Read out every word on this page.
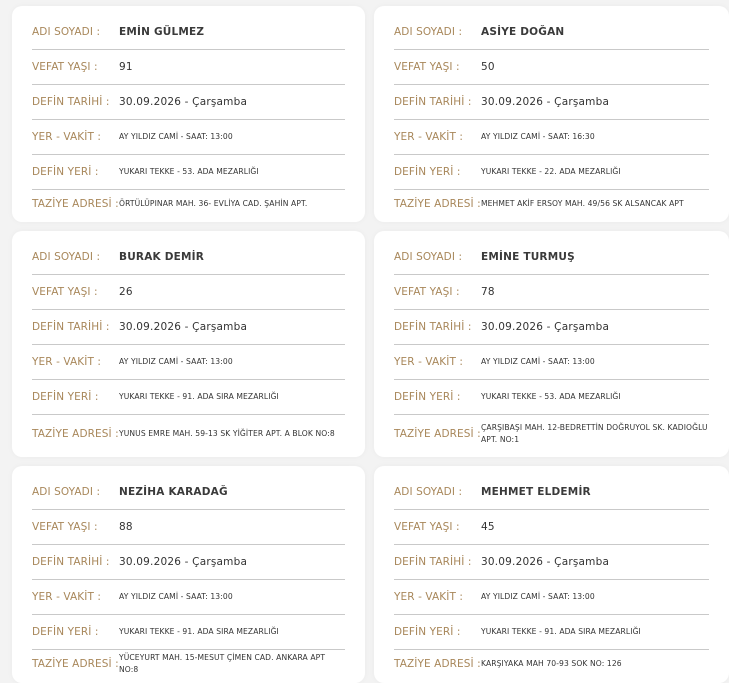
ADI SOYADI :	EMİN GÜLMEZ
VEFAT YAŞI :	91
DEFİN TARİHİ : 30.09.2026 - Çarşamba
YER - VAKİT :	AY YILDIZ CAMİ - SAAT: 13:00
DEFİN YERİ :	YUKARI TEKKE - 53. ADA MEZARLIĞI
TAZİYE ADRESİ : ÖRTÜLÜPINAR MAH. 36- EVLİYA CAD. ŞAHİN APT.
ADI SOYADI :	ASİYE DOĞAN
VEFAT YAŞI :	50
DEFİN TARİHİ : 30.09.2026 - Çarşamba
YER - VAKİT :	AY YILDIZ CAMİ - SAAT: 16:30
DEFİN YERİ :	YUKARI TEKKE - 22. ADA MEZARLIĞI
TAZİYE ADRESİ : MEHMET AKİF ERSOY MAH. 49/56 SK ALSANCAK APT
ADI SOYADI :	BURAK DEMİR
VEFAT YAŞI :	26
DEFİN TARİHİ : 30.09.2026 - Çarşamba
YER - VAKİT :	AY YILDIZ CAMİ - SAAT: 13:00
DEFİN YERİ :	YUKARI TEKKE - 91. ADA SIRA MEZARLIĞI
TAZİYE ADRESİ : YUNUS EMRE MAH. 59-13 SK YİĞİTER APT. A BLOK NO:8
ADI SOYADI :	EMİNE TURMUŞ
VEFAT YAŞI :	78
DEFİN TARİHİ : 30.09.2026 - Çarşamba
YER - VAKİT :	AY YILDIZ CAMİ - SAAT: 13:00
DEFİN YERİ :	YUKARI TEKKE - 53. ADA MEZARLIĞI
TAZİYE ADRESİ :
ÇARŞIBAŞI MAH. 12-BEDRETTİN DOĞRUYOL SK. KADIOĞLU APT. NO:1
ADI SOYADI :	NEZİHA KARADAĞ
VEFAT YAŞI :	88
DEFİN TARİHİ : 30.09.2026 - Çarşamba
YER - VAKİT :	AY YILDIZ CAMİ - SAAT: 13:00
DEFİN YERİ :	YUKARI TEKKE - 91. ADA SIRA MEZARLIĞI
TAZİYE ADRESİ :
YÜCEYURT MAH. 15-MESUT ÇİMEN CAD. ANKARA APT NO:8
ADI SOYADI :	MEHMET ELDEMİR
VEFAT YAŞI :	45
DEFİN TARİHİ : 30.09.2026 - Çarşamba
YER - VAKİT :	AY YILDIZ CAMİ - SAAT: 13:00
DEFİN YERİ :	YUKARI TEKKE - 91. ADA SIRA MEZARLIĞI
TAZİYE ADRESİ : KARŞIYAKA MAH 70-93 SOK NO: 126
